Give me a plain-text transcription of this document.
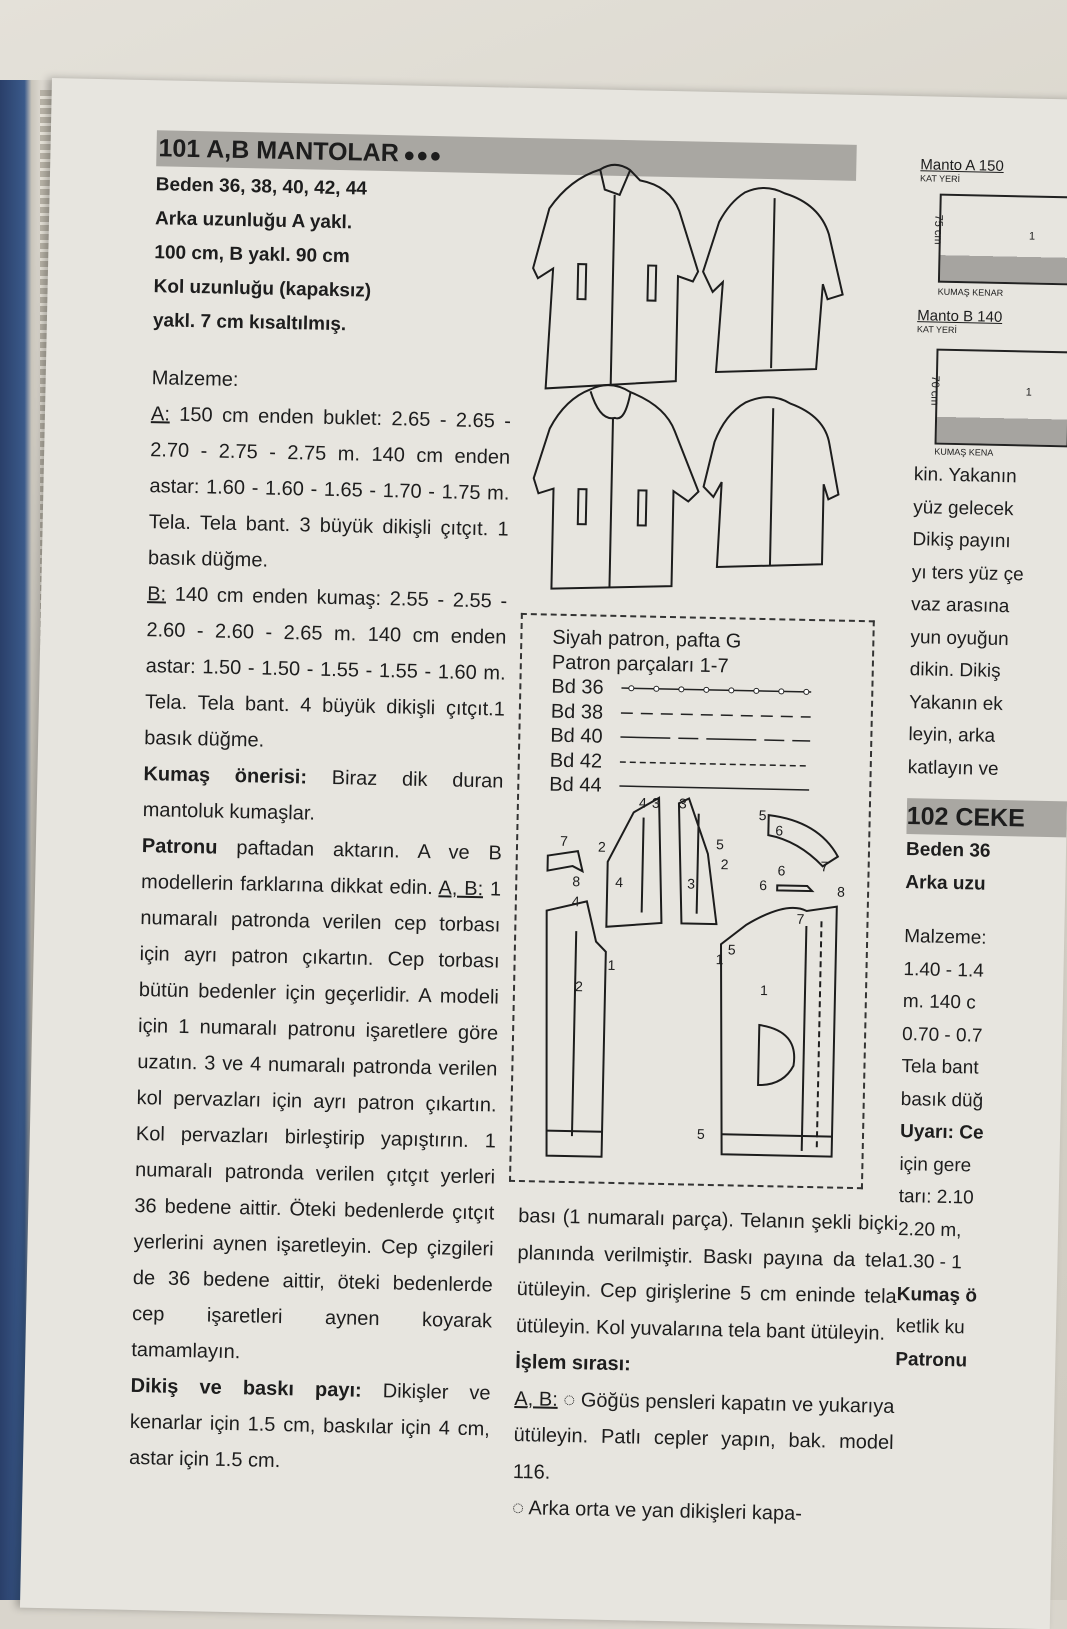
101 A,B MANTOLAR ●●●
Beden 36, 38, 40, 42, 44
Arka uzunluğu A yakl.
100 cm, B yakl. 90 cm
Kol uzunluğu (kapaksız)
yakl. 7 cm kısaltılmış.
Malzeme:
A: 150 cm enden buklet: 2.65 - 2.65 - 2.70 - 2.75 - 2.75 m. 140 cm enden astar: 1.60 - 1.60 - 1.65 - 1.70 - 1.75 m. Tela. Tela bant. 3 büyük dikişli çıtçıt. 1 basık düğme.
B: 140 cm enden kumaş: 2.55 - 2.55 - 2.60 - 2.60 - 2.65 m. 140 cm enden astar: 1.50 - 1.50 - 1.55 - 1.55 - 1.60 m. Tela. Tela bant. 4 büyük dikişli çıtçıt.1 basık düğme.
Kumaş önerisi: Biraz dik duran mantoluk kumaşlar.
Patronu paftadan aktarın. A ve B modellerin farklarına dikkat edin. A, B: 1 numaralı patronda verilen cep torbası için ayrı patron çıkartın. Cep torbası bütün bedenler için geçerlidir. A modeli için 1 numaralı patronu işaretlere göre uzatın. 3 ve 4 numaralı patronda verilen kol pervazları için ayrı patron çıkartın. Kol pervazları birleştirip yapıştırın. 1 numaralı patronda verilen çıtçıt yerleri 36 bedene aittir. Öteki bedenlerde çıtçıt yerlerini aynen işaretleyin. Cep çizgileri de 36 bedene aittir, öteki bedenlerde cep işaretleri aynen koyarak tamamlayın.
Dikiş ve baskı payı: Dikişler ve kenarlar için 1.5 cm, baskılar için 4 cm, astar için 1.5 cm.
Siyah patron, pafta G
Patron parçaları 1-7
Bd 36
Bd 38
Bd 40
Bd 42
Bd 44
4 3 3
4	3
2	5
2
5
6
6
6
7
7
8
4
1
2
1
5
1
7
8
5
bası (1 numaralı parça). Telanın şekli biçki planında verilmiştir. Baskı payına da tela ütüleyin. Cep girişlerine 5 cm eninde tela ütüleyin. Kol yuvalarına tela bant ütüleyin.
İşlem sırası:
A, B: ◌ Göğüs pensleri kapatın ve yukarıya ütüleyin. Patlı cepler yapın, bak. model 116.
◌ Arka orta ve yan dikişleri kapa-
Manto A 150
KAT YERİ
75 cm	1
KUMAŞ KENAR
Manto B 140
KAT YERİ
70 cm	1
KUMAŞ KENA
kin. Yakanın
yüz gelecek
Dikiş payını
yı ters yüz çe
vaz arasına
yun oyuğun
dikin. Dikiş
Yakanın ek
leyin, arka
katlayın ve
102 CEKE
Beden 36
Arka uzu
Malzeme:
1.40 - 1.4
m. 140 c
0.70 - 0.7
Tela bant
basık düğ
Uyarı: Ce
için gere
tarı: 2.10
2.20 m,
1.30 - 1
Kumaş ö
ketlik ku
Patronu
